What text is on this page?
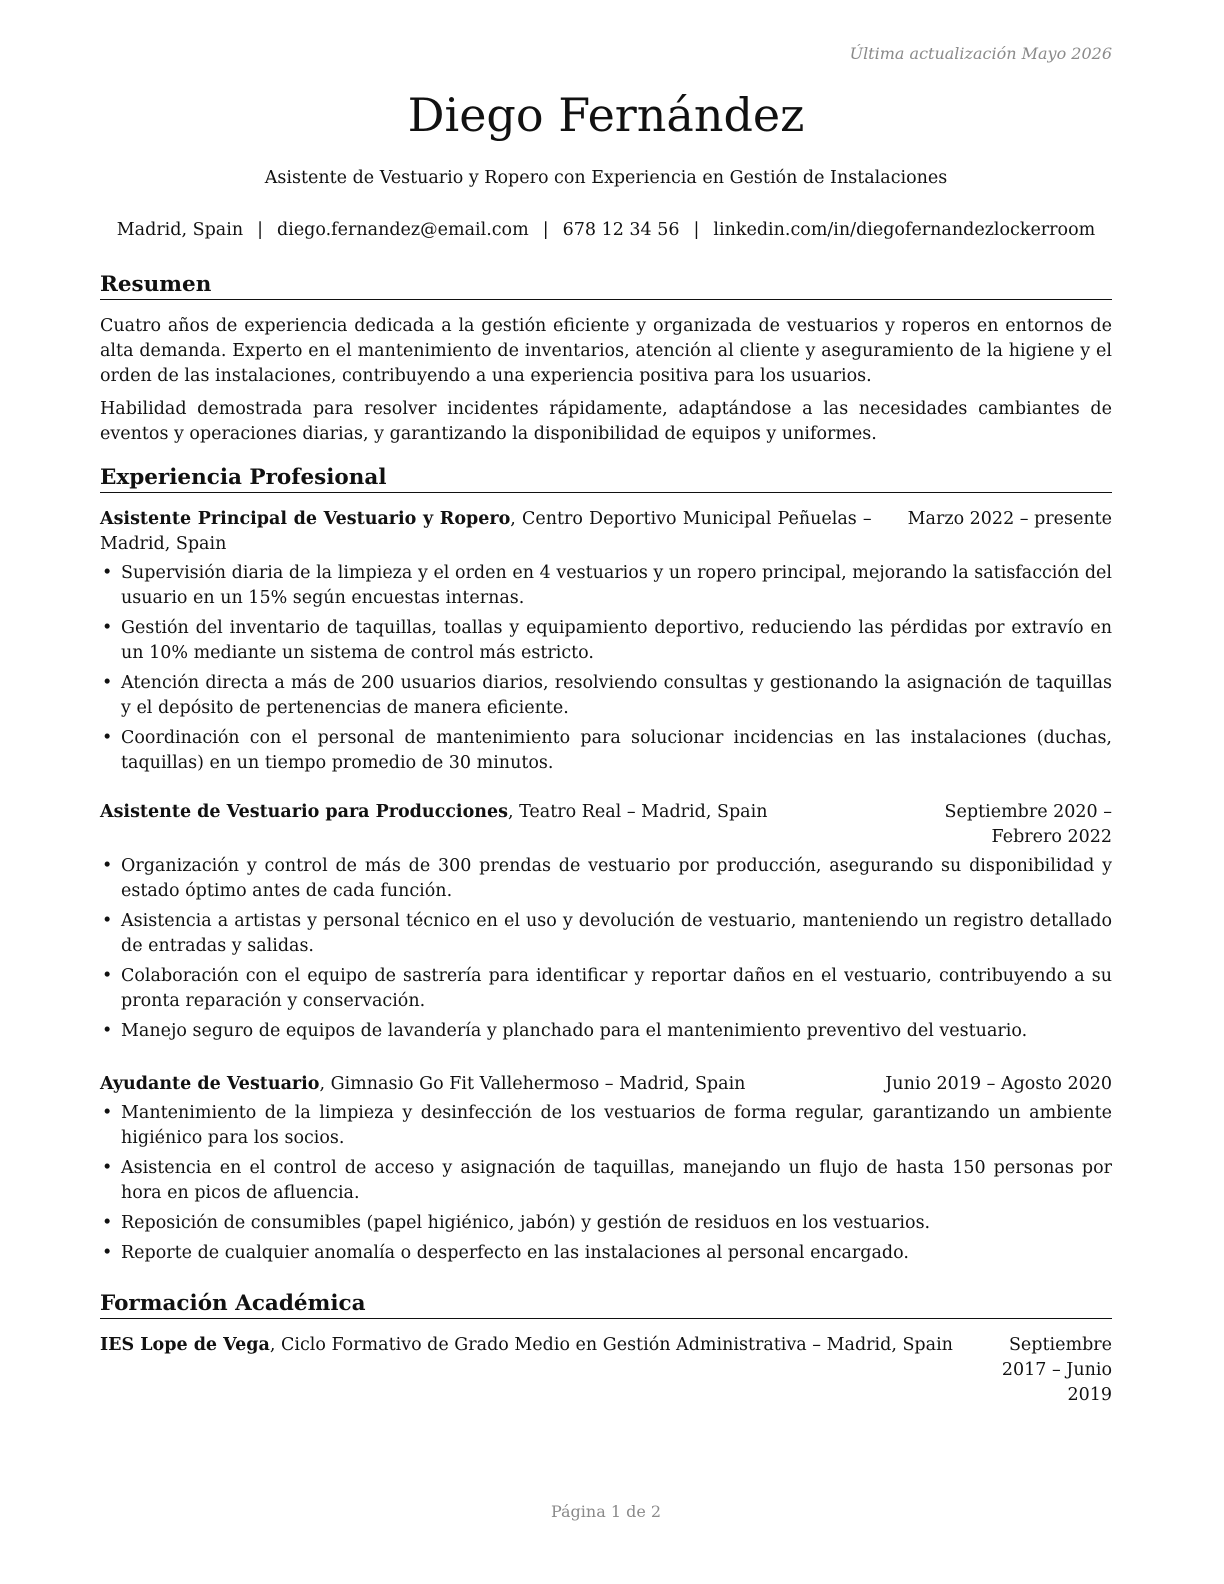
Última actualización Mayo 2026
Diego Fernández
Asistente de Vestuario y Ropero con Experiencia en Gestión de Instalaciones
Madrid, Spain | diego.fernandez@email.com | 678 12 34 56 | linkedin.com/in/diegofernandezlockerroom
Resumen

Cuatro años de experiencia dedicada a la gestión eficiente y organizada de vestuarios y roperos en entornos de alta demanda. Experto en el mantenimiento de inventarios, atención al cliente y aseguramiento de la higiene y el orden de las instalaciones, contribuyendo a una experiencia positiva para los usuarios.

Habilidad demostrada para resolver incidentes rápidamente, adaptándose a las necesidades cambiantes de eventos y operaciones diarias, y garantizando la disponibilidad de equipos y uniformes.

Experiencia Profesional
Asistente Principal de Vestuario y Ropero, Centro Deportivo Municipal Peñuelas – Madrid, Spain
Marzo 2022 – presente
• Supervisión diaria de la limpieza y el orden en 4 vestuarios y un ropero principal, mejorando la satisfacción del usuario en un 15% según encuestas internas.
• Gestión del inventario de taquillas, toallas y equipamiento deportivo, reduciendo las pérdidas por extravío en un 10% mediante un sistema de control más estricto.
• Atención directa a más de 200 usuarios diarios, resolviendo consultas y gestionando la asignación de taquillas y el depósito de pertenencias de manera eficiente.
• Coordinación con el personal de mantenimiento para solucionar incidencias en las instalaciones (duchas, taquillas) en un tiempo promedio de 30 minutos.
Asistente de Vestuario para Producciones, Teatro Real – Madrid, Spain	Septiembre 2020 – Febrero 2022
• Organización y control de más de 300 prendas de vestuario por producción, asegurando su disponibilidad y estado óptimo antes de cada función.
• Asistencia a artistas y personal técnico en el uso y devolución de vestuario, manteniendo un registro detallado de entradas y salidas.
• Colaboración con el equipo de sastrería para identificar y reportar daños en el vestuario, contribuyendo a su pronta reparación y conservación.
• Manejo seguro de equipos de lavandería y planchado para el mantenimiento preventivo del vestuario.
Ayudante de Vestuario, Gimnasio Go Fit Vallehermoso – Madrid, Spain	Junio 2019 – Agosto 2020
• Mantenimiento de la limpieza y desinfección de los vestuarios de forma regular, garantizando un ambiente higiénico para los socios.
• Asistencia en el control de acceso y asignación de taquillas, manejando un flujo de hasta 150 personas por hora en picos de afluencia.
• Reposición de consumibles (papel higiénico, jabón) y gestión de residuos en los vestuarios.
• Reporte de cualquier anomalía o desperfecto en las instalaciones al personal encargado.
Formación Académica
IES Lope de Vega, Ciclo Formativo de Grado Medio en Gestión Administrativa – Madrid, Spain	Septiembre 2017 – Junio 2019
Página 1 de 2
